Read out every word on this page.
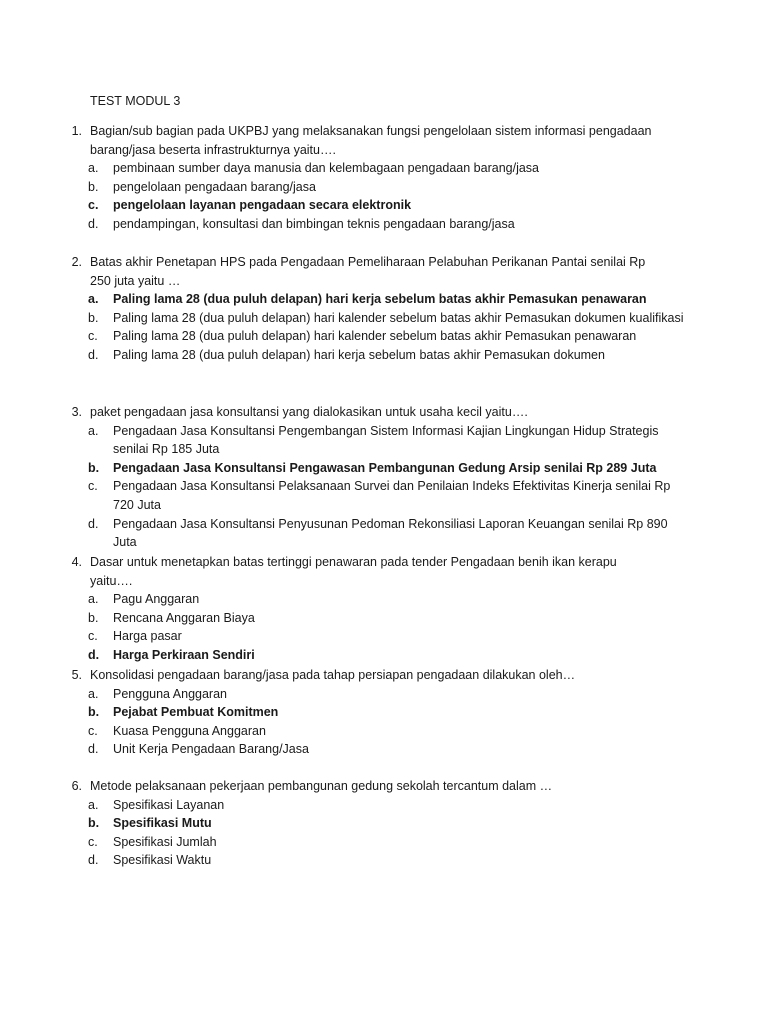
TEST MODUL 3
1. Bagian/sub bagian pada UKPBJ yang melaksanakan fungsi pengelolaan sistem informasi pengadaan barang/jasa beserta infrastrukturnya yaitu….
a. pembinaan sumber daya manusia dan kelembagaan pengadaan barang/jasa
b. pengelolaan pengadaan barang/jasa
c. pengelolaan layanan pengadaan secara elektronik
d. pendampingan, konsultasi dan bimbingan teknis pengadaan barang/jasa
2. Batas akhir Penetapan HPS pada Pengadaan Pemeliharaan Pelabuhan Perikanan Pantai senilai Rp 250 juta yaitu …
a. Paling lama 28 (dua puluh delapan) hari kerja sebelum batas akhir Pemasukan penawaran
b. Paling lama 28 (dua puluh delapan) hari kalender sebelum batas akhir Pemasukan dokumen kualifikasi
c. Paling lama 28 (dua puluh delapan) hari kalender sebelum batas akhir Pemasukan penawaran
d. Paling lama 28 (dua puluh delapan) hari kerja sebelum batas akhir Pemasukan dokumen
3. paket pengadaan jasa konsultansi yang dialokasikan untuk usaha kecil yaitu….
a. Pengadaan Jasa Konsultansi Pengembangan Sistem Informasi Kajian Lingkungan Hidup Strategis senilai Rp 185 Juta
b. Pengadaan Jasa Konsultansi Pengawasan Pembangunan Gedung Arsip senilai Rp 289 Juta
c. Pengadaan Jasa Konsultansi Pelaksanaan Survei dan Penilaian Indeks Efektivitas Kinerja senilai Rp 720 Juta
d. Pengadaan Jasa Konsultansi Penyusunan Pedoman Rekonsiliasi Laporan Keuangan senilai Rp 890 Juta
4. Dasar untuk menetapkan batas tertinggi penawaran pada tender Pengadaan benih ikan kerapu yaitu….
a. Pagu Anggaran
b. Rencana Anggaran Biaya
c. Harga pasar
d. Harga Perkiraan Sendiri
5. Konsolidasi pengadaan barang/jasa pada tahap persiapan pengadaan dilakukan oleh…
a. Pengguna Anggaran
b. Pejabat Pembuat Komitmen
c. Kuasa Pengguna Anggaran
d. Unit Kerja Pengadaan Barang/Jasa
6. Metode pelaksanaan pekerjaan pembangunan gedung sekolah tercantum dalam …
a. Spesifikasi Layanan
b. Spesifikasi Mutu
c. Spesifikasi Jumlah
d. Spesifikasi Waktu
